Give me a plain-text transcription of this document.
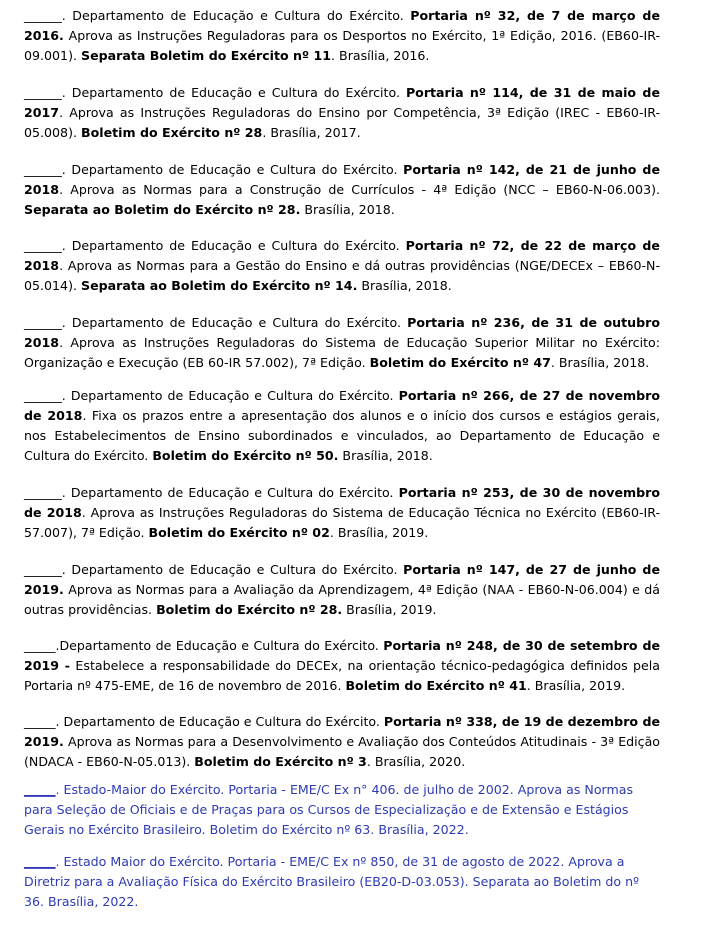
______. Departamento de Educação e Cultura do Exército. Portaria nº 32, de 7 de março de 2016. Aprova as Instruções Reguladoras para os Desportos no Exército, 1ª Edição, 2016. (EB60-IR-09.001). Separata Boletim do Exército nº 11. Brasília, 2016.

______. Departamento de Educação e Cultura do Exército. Portaria nº 114, de 31 de maio de 2017. Aprova as Instruções Reguladoras do Ensino por Competência, 3ª Edição (IREC - EB60-IR-05.008). Boletim do Exército nº 28. Brasília, 2017.

______. Departamento de Educação e Cultura do Exército. Portaria nº 142, de 21 de junho de 2018. Aprova as Normas para a Construção de Currículos - 4ª Edição (NCC – EB60-N-06.003). Separata ao Boletim do Exército nº 28. Brasília, 2018.

______. Departamento de Educação e Cultura do Exército. Portaria nº 72, de 22 de março de 2018. Aprova as Normas para a Gestão do Ensino e dá outras providências (NGE/DECEx – EB60-N-05.014). Separata ao Boletim do Exército nº 14. Brasília, 2018.

______. Departamento de Educação e Cultura do Exército. Portaria nº 236, de 31 de outubro 2018. Aprova as Instruções Reguladoras do Sistema de Educação Superior Militar no Exército: Organização e Execução (EB 60-IR 57.002), 7ª Edição. Boletim do Exército nº 47. Brasília, 2018.

______. Departamento de Educação e Cultura do Exército. Portaria nº 266, de 27 de novembro de 2018. Fixa os prazos entre a apresentação dos alunos e o início dos cursos e estágios gerais, nos Estabelecimentos de Ensino subordinados e vinculados, ao Departamento de Educação e Cultura do Exército. Boletim do Exército nº 50. Brasília, 2018.

______. Departamento de Educação e Cultura do Exército. Portaria nº 253, de 30 de novembro de 2018. Aprova as Instruções Reguladoras do Sistema de Educação Técnica no Exército (EB60-IR-57.007), 7ª Edição. Boletim do Exército nº 02. Brasília, 2019.

______. Departamento de Educação e Cultura do Exército. Portaria nº 147, de 27 de junho de 2019. Aprova as Normas para a Avaliação da Aprendizagem, 4ª Edição (NAA - EB60-N-06.004) e dá outras providências. Boletim do Exército nº 28. Brasília, 2019.

_____.Departamento de Educação e Cultura do Exército. Portaria nº 248, de 30 de setembro de 2019 - Estabelece a responsabilidade do DECEx, na orientação técnico-pedagógica definidos pela Portaria nº 475-EME, de 16 de novembro de 2016. Boletim do Exército nº 41. Brasília, 2019.

_____. Departamento de Educação e Cultura do Exército. Portaria nº 338, de 19 de dezembro de 2019. Aprova as Normas para a Desenvolvimento e Avaliação dos Conteúdos Atitudinais - 3ª Edição (NDACA - EB60-N-05.013). Boletim do Exército nº 3. Brasília, 2020.

_____. Estado-Maior do Exército. Portaria - EME/C Ex n° 406. de julho de 2002. Aprova as Normas para Seleção de Oficiais e de Praças para os Cursos de Especialização e de Extensão e Estágios Gerais no Exército Brasileiro. Boletim do Exército nº 63. Brasília, 2022.

_____. Estado Maior do Exército. Portaria - EME/C Ex nº 850, de 31 de agosto de 2022. Aprova a Diretriz para a Avaliação Física do Exército Brasileiro (EB20-D-03.053). Separata ao Boletim do nº 36. Brasília, 2022.
